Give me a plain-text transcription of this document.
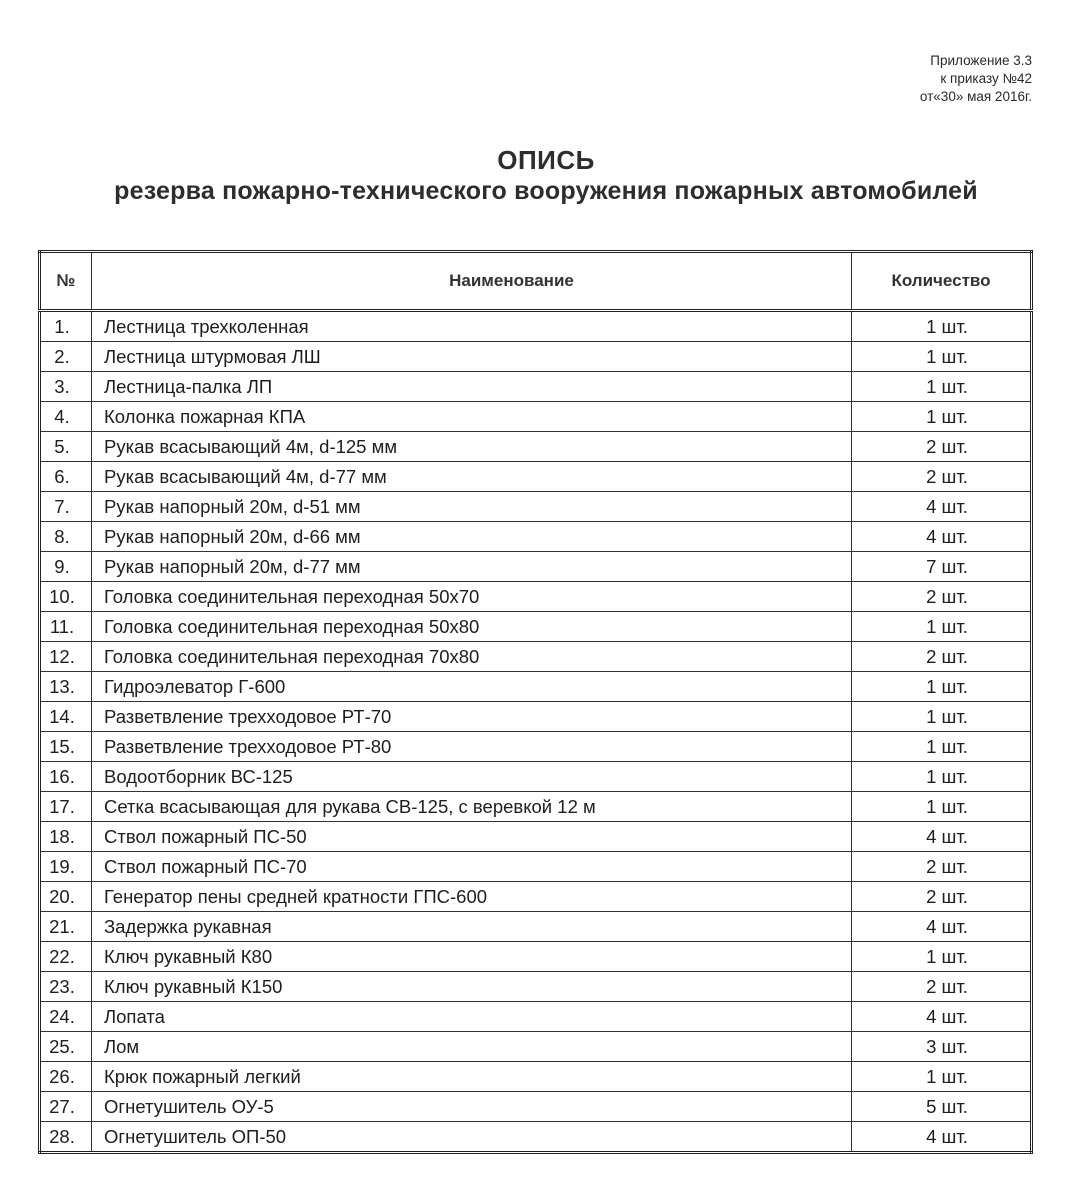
Приложение 3.3
к приказу №42
от«30» мая 2016г.
ОПИСЬ
резерва пожарно-технического вооружения пожарных автомобилей
№	Наименование	Количество
1.	Лестница трехколенная	1 шт.
2.	Лестница штурмовая ЛШ	1 шт.
3.	Лестница-палка ЛП	1 шт.
4.	Колонка пожарная КПА	1 шт.
5.	Рукав всасывающий 4м, d-125 мм	2 шт.
6.	Рукав всасывающий 4м, d-77 мм	2 шт.
7.	Рукав напорный 20м, d-51 мм	4 шт.
8.	Рукав напорный 20м, d-66 мм	4 шт.
9.	Рукав напорный 20м, d-77 мм	7 шт.
10.	Головка соединительная переходная 50х70	2 шт.
11.	Головка соединительная переходная 50х80	1 шт.
12.	Головка соединительная переходная 70х80	2 шт.
13.	Гидроэлеватор Г-600	1 шт.
14.	Разветвление трехходовое РТ-70	1 шт.
15.	Разветвление трехходовое РТ-80	1 шт.
16.	Водоотборник ВС-125	1 шт.
17.	Сетка всасывающая для рукава СВ-125, с веревкой 12 м	1 шт.
18.	Ствол пожарный ПС-50	4 шт.
19.	Ствол пожарный ПС-70	2 шт.
20.	Генератор пены средней кратности ГПС-600	2 шт.
21.	Задержка рукавная	4 шт.
22.	Ключ рукавный К80	1 шт.
23.	Ключ рукавный К150	2 шт.
24.	Лопата	4 шт.
25.	Лом	3 шт.
26.	Крюк пожарный легкий	1 шт.
27.	Огнетушитель ОУ-5	5 шт.
28.	Огнетушитель ОП-50	4 шт.
